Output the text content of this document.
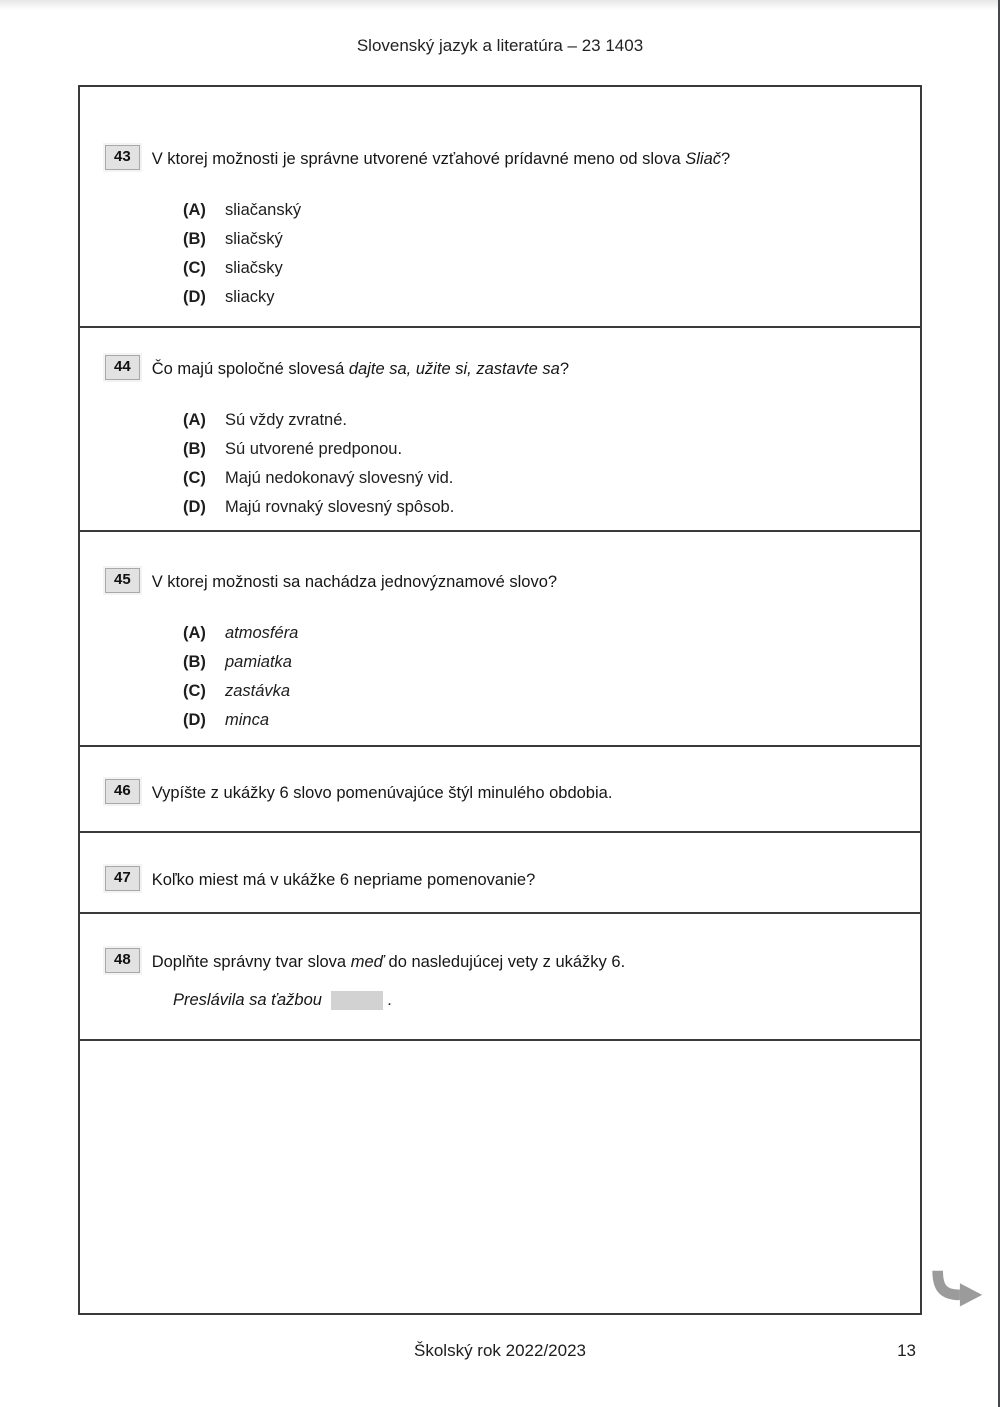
Slovenský jazyk a literatúra – 23 1403
43	V ktorej možnosti je správne utvorené vzťahové prídavné meno od slova Sliač?
(A)	sliačanský
(B)	sliačský
(C)	sliačsky
(D)	sliacky
44	Čo majú spoločné slovesá dajte sa, užite si, zastavte sa?
(A)	Sú vždy zvratné.
(B)	Sú utvorené predponou.
(C)	Majú nedokonavý slovesný vid.
(D)	Majú rovnaký slovesný spôsob.
45	V ktorej možnosti sa nachádza jednovýznamové slovo?
(A)	atmosféra
(B)	pamiatka
(C)	zastávka
(D)	minca
46	Vypíšte z ukážky 6 slovo pomenúvajúce štýl minulého obdobia.
47	Koľko miest má v ukážke 6 nepriame pomenovanie?
48	Doplňte správny tvar slova meď do nasledujúcej vety z ukážky 6.
Preslávila sa ťažbou	.
Školský rok 2022/2023	13
